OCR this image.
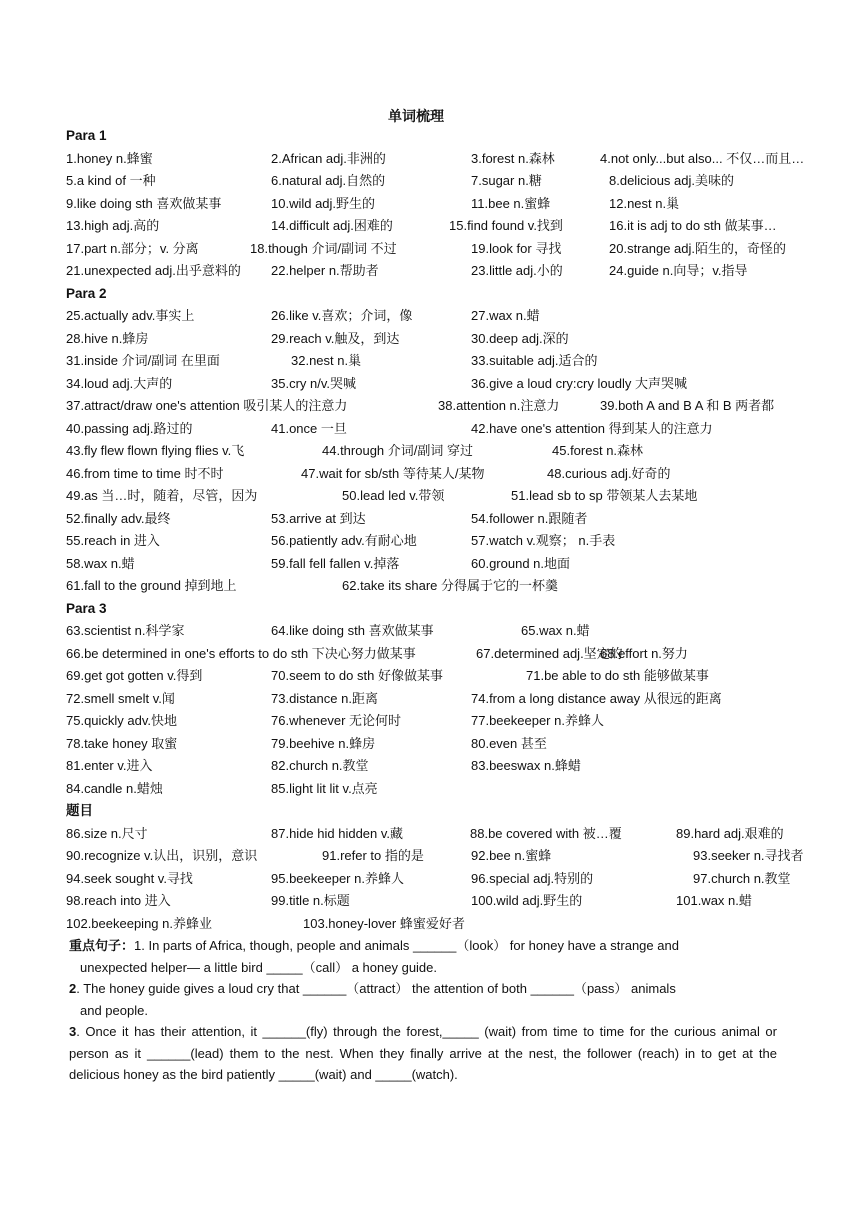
单词梳理
Para 1
1.honey n.蜂蜜	2.African adj.非洲的	3.forest n.森林	4.not only...but also... 不仅…而且…
5.a kind of 一种	6.natural adj.自然的	7.sugar n.糖	8.delicious adj.美味的
9.like doing sth 喜欢做某事	10.wild adj.野生的	11.bee n.蜜蜂	12.nest n.巢
13.high adj.高的	14.difficult adj.困难的	15.find found v.找到	16.it is adj to do sth 做某事…
17.part n.部分；v. 分离	18.though 介词/副词 不过	19.look for 寻找	20.strange adj.陌生的，奇怪的
21.unexpected adj.出乎意料的 22.helper n.帮助者	23.little adj.小的	24.guide n.向导；v.指导
Para 2
25.actually adv.事实上	26.like v.喜欢；介词，像	27.wax n.蜡
28.hive n.蜂房	29.reach v.触及，到达	30.deep adj.深的
31.inside 介词/副词 在里面	32.nest n.巢	33.suitable adj.适合的
34.loud adj.大声的	35.cry n/v.哭喊	36.give a loud cry:cry loudly 大声哭喊
37.attract/draw one's attention 吸引某人的注意力	38.attention n.注意力	39.both A and B A 和 B 两者都
40.passing adj.路过的	41.once 一旦	42.have one's attention 得到某人的注意力
43.fly flew flown flying flies v.飞	44.through 介词/副词 穿过	45.forest n.森林
46.from time to time 时不时	47.wait for sb/sth 等待某人/某物	48.curious adj.好奇的
49.as 当…时，随着，尽管，因为	50.lead led v.带领	51.lead sb to sp 带领某人去某地
52.finally adv.最终	53.arrive at 到达	54.follower n.跟随者
55.reach in 进入	56.patiently adv.有耐心地	57.watch v.观察； n.手表
58.wax n.蜡	59.fall fell fallen v.掉落	60.ground n.地面
61.fall to the ground 掉到地上	62.take its share 分得属于它的一杯羹
Para 3
63.scientist n.科学家	64.like doing sth 喜欢做某事	65.wax n.蜡
66.be determined in one's efforts to do sth 下决心努力做某事	67.determined adj.坚定的
68.effort n.努力
69.get got gotten v.得到	70.seem to do sth 好像做某事	71.be able to do sth 能够做某事
72.smell smelt v.闻	73.distance n.距离	74.from a long distance away 从很远的距离
75.quickly adv.快地	76.whenever 无论何时	77.beekeeper n.养蜂人
78.take honey 取蜜	79.beehive n.蜂房	80.even 甚至
81.enter v.进入	82.church n.教堂	83.beeswax n.蜂蜡
84.candle n.蜡烛	85.light lit lit v.点亮
题目
86.size n.尺寸	87.hide hid hidden v.藏	88.be covered with 被…覆	89.hard adj.艰难的
90.recognize v.认出，识别，意识	91.refer to 指的是	92.bee n.蜜蜂	93.seeker n.寻找者
94.seek sought v.寻找	95.beekeeper n.养蜂人	96.special adj.特别的	97.church n.教堂
98.reach into 进入	99.title n.标题	100.wild adj.野生的	101.wax n.蜡
102.beekeeping n.养蜂业	103.honey-lover 蜂蜜爱好者

重点句子：1. In parts of Africa, though, people and animals ______（look） for honey have a strange and

unexpected helper— a little bird _____（call） a honey guide.

2. The honey guide gives a loud cry that ______（attract） the attention of both ______（pass） animals

and people.

3. Once it has their attention, it ______(fly) through the forest,_____ (wait) from time to time for the curious animal or person as it ______(lead) them to the nest. When they finally arrive at the nest, the follower (reach) in to get at the delicious honey as the bird patiently _____(wait) and _____(watch).
